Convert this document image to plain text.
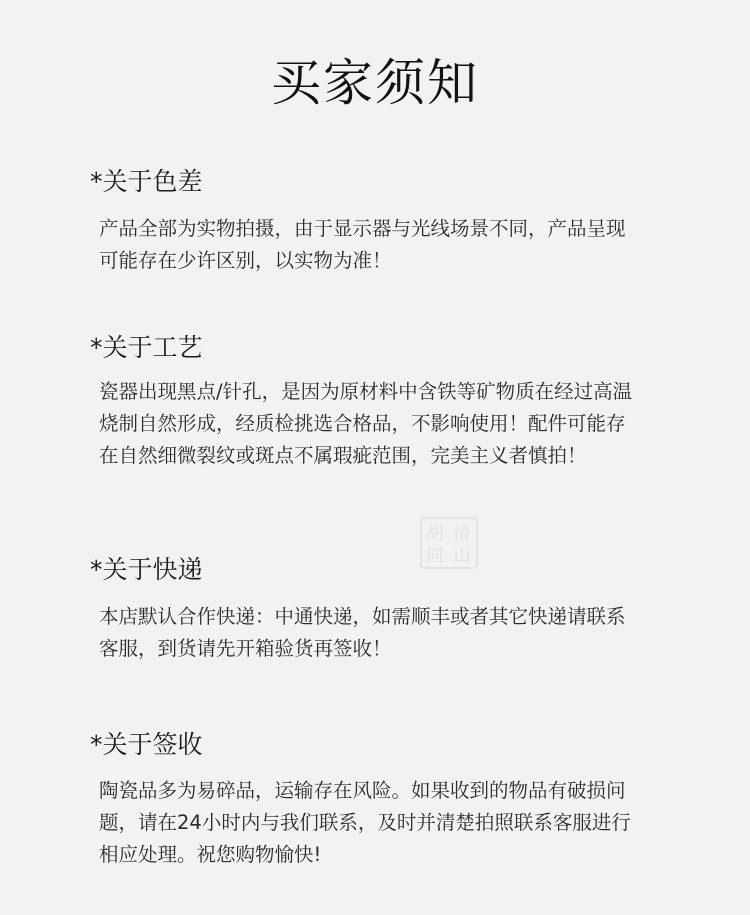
买家须知
*关于色差
产品全部为实物拍摄，由于显示器与光线场景不同，产品呈现
可能存在少许区别，以实物为准！
*关于工艺
瓷器出现黑点/针孔，是因为原材料中含铁等矿物质在经过高温
烧制自然形成，经质检挑选合格品，不影响使用！配件可能存
在自然细微裂纹或斑点不属瑕疵范围，完美主义者慎拍！
胡 清
同 山
*关于快递
本店默认合作快递：中通快递，如需顺丰或者其它快递请联系
客服，到货请先开箱验货再签收！
*关于签收
陶瓷品多为易碎品，运输存在风险。如果收到的物品有破损问
题，请在24小时内与我们联系，及时并清楚拍照联系客服进行
相应处理。祝您购物愉快!
